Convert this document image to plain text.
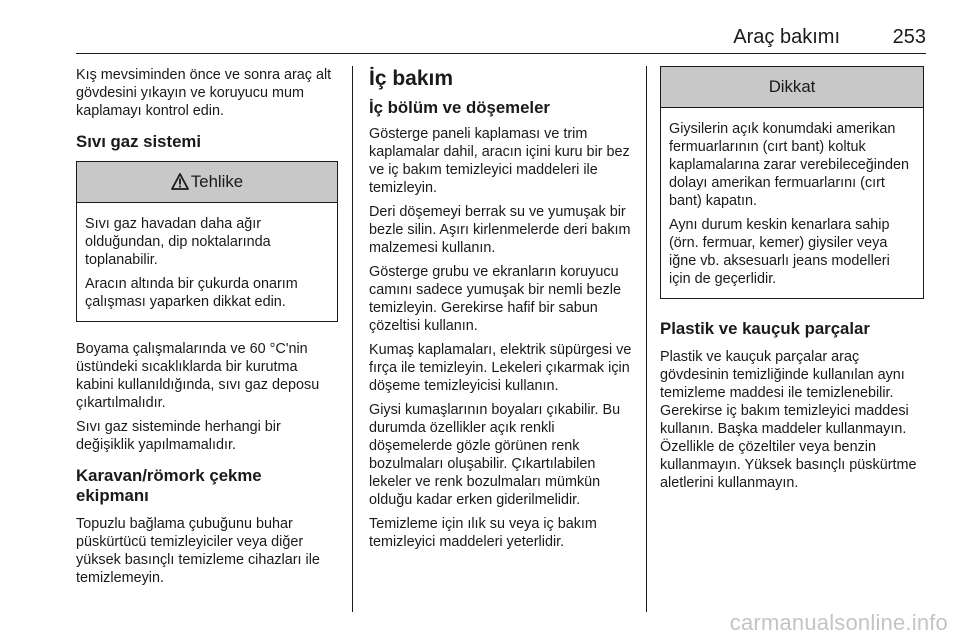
Araç bakımı	253

Kış mevsiminden önce ve sonra araç alt gövdesini yıkayın ve koruyucu mum kaplamayı kontrol edin.

Sıvı gaz sistemi
Tehlike

Sıvı gaz havadan daha ağır olduğundan, dip noktalarında toplanabilir.

Aracın altında bir çukurda onarım çalışması yaparken dikkat edin.

Boyama çalışmalarında ve 60 °C'nin üstündeki sıcaklıklarda bir kurutma kabini kullanıldığında, sıvı gaz deposu çıkartılmalıdır.

Sıvı gaz sisteminde herhangi bir değişiklik yapılmamalıdır.

Karavan/römork çekme ekipmanı

Topuzlu bağlama çubuğunu buhar püskürtücü temizleyiciler veya diğer yüksek basınçlı temizleme cihazları ile temizlemeyin.

İç bakım
İç bölüm ve döşemeler

Gösterge paneli kaplaması ve trim kaplamalar dahil, aracın içini kuru bir bez ve iç bakım temizleyici maddeleri ile temizleyin.

Deri döşemeyi berrak su ve yumuşak bir bezle silin. Aşırı kirlenmelerde deri bakım malzemesi kullanın.

Gösterge grubu ve ekranların koruyucu camını sadece yumuşak bir nemli bezle temizleyin. Gerekirse hafif bir sabun çözeltisi kullanın.

Kumaş kaplamaları, elektrik süpürgesi ve fırça ile temizleyin. Lekeleri çıkarmak için döşeme temizleyicisi kullanın.

Giysi kumaşlarının boyaları çıkabilir. Bu durumda özellikler açık renkli döşemelerde gözle görünen renk bozulmaları oluşabilir. Çıkartılabilen lekeler ve renk bozulmaları mümkün olduğu kadar erken giderilmelidir.

Temizleme için ılık su veya iç bakım temizleyici maddeleri yeterlidir.

Dikkat

Giysilerin açık konumdaki amerikan fermuarlarının (cırt bant) koltuk kaplamalarına zarar verebileceğinden dolayı amerikan fermuarlarını (cırt bant) kapatın.

Aynı durum keskin kenarlara sahip (örn. fermuar, kemer) giysiler veya iğne vb. aksesuarlı jeans modelleri için de geçerlidir.

Plastik ve kauçuk parçalar

Plastik ve kauçuk parçalar araç gövdesinin temizliğinde kullanılan aynı temizleme maddesi ile temizlenebilir. Gerekirse iç bakım temizleyici maddesi kullanın. Başka maddeler kullanmayın. Özellikle de çözeltiler veya benzin kullanmayın. Yüksek basınçlı püskürtme aletlerini kullanmayın.

carmanualsonline.info
